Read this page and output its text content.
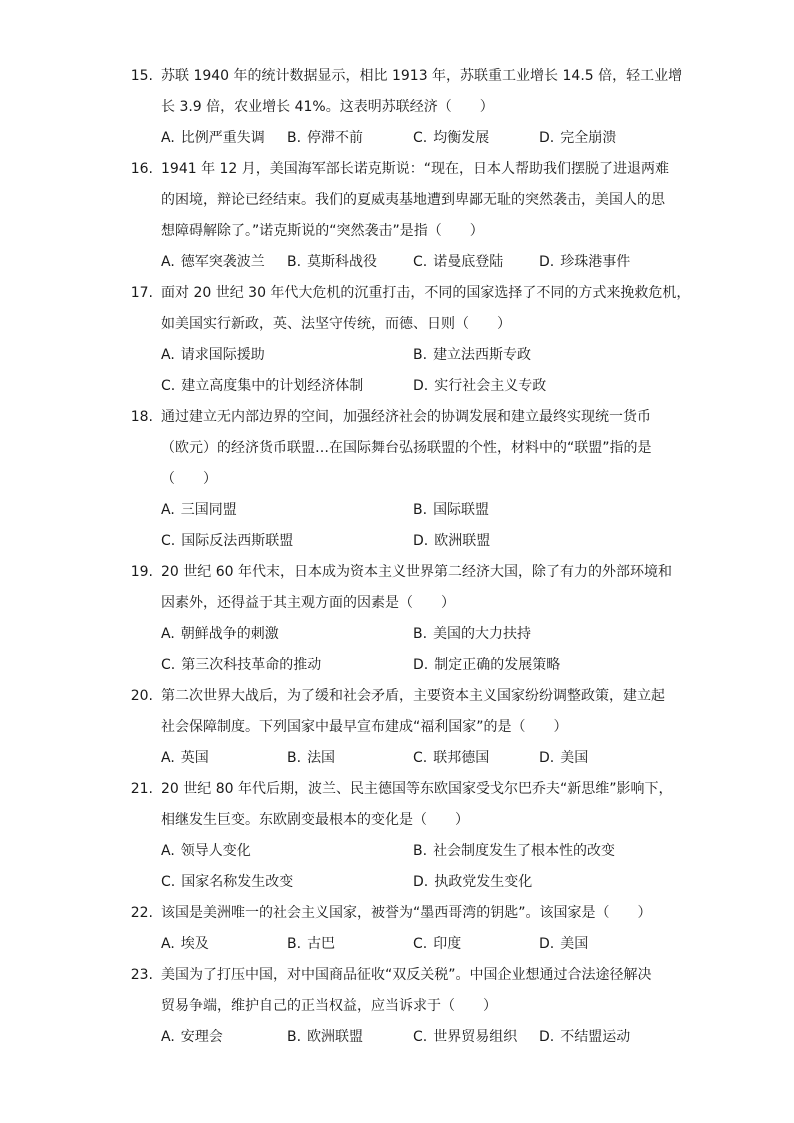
15. 苏联 1940 年的统计数据显示，相比 1913 年，苏联重工业增长 14.5 倍，轻工业增
长 3.9 倍，农业增长 41%。这表明苏联经济（　　）
A. 比例严重失调 B. 停滞不前	C. 均衡发展	D. 完全崩溃
16. 1941 年 12 月，美国海军部长诺克斯说：“现在，日本人帮助我们摆脱了进退两难
的困境，辩论已经结束。我们的夏威夷基地遭到卑鄙无耻的突然袭击，美国人的思
想障碍解除了。”诺克斯说的“突然袭击”是指（　　）
A. 德军突袭波兰 B. 莫斯科战役	C. 诺曼底登陆	D. 珍珠港事件
17. 面对 20 世纪 30 年代大危机的沉重打击，不同的国家选择了不同的方式来挽救危机，
如美国实行新政，英、法坚守传统，而德、日则（　　）
A. 请求国际援助	B. 建立法西斯专政
C. 建立高度集中的计划经济体制	D. 实行社会主义专政
18. 通过建立无内部边界的空间，加强经济社会的协调发展和建立最终实现统一货币
（欧元）的经济货币联盟…在国际舞台弘扬联盟的个性，材料中的“联盟”指的是
（　　）
A. 三国同盟	B. 国际联盟
C. 国际反法西斯联盟	D. 欧洲联盟
19. 20 世纪 60 年代末，日本成为资本主义世界第二经济大国，除了有力的外部环境和
因素外，还得益于其主观方面的因素是（　　）
A. 朝鲜战争的刺激	B. 美国的大力扶持
C. 第三次科技革命的推动	D. 制定正确的发展策略
20. 第二次世界大战后，为了缓和社会矛盾，主要资本主义国家纷纷调整政策，建立起
社会保障制度。下列国家中最早宣布建成“福利国家”的是（　　）
A. 英国	B. 法国	C. 联邦德国	D. 美国
21. 20 世纪 80 年代后期，波兰、民主德国等东欧国家受戈尔巴乔夫“新思维”影响下，
相继发生巨变。东欧剧变最根本的变化是（　　）
A. 领导人变化	B. 社会制度发生了根本性的改变
C. 国家名称发生改变	D. 执政党发生变化
22. 该国是美洲唯一的社会主义国家，被誉为“墨西哥湾的钥匙”。该国家是（　　）
A. 埃及	B. 古巴	C. 印度	D. 美国
23. 美国为了打压中国，对中国商品征收“双反关税”。中国企业想通过合法途径解决
贸易争端，维护自己的正当权益，应当诉求于（　　）
A. 安理会	B. 欧洲联盟	C. 世界贸易组织 D. 不结盟运动
